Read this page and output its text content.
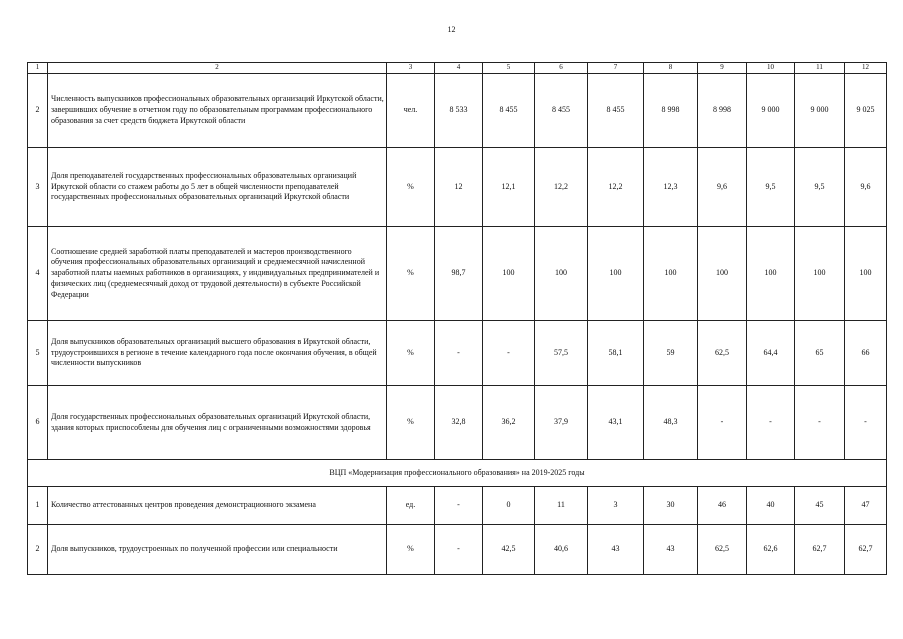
12
1	2	3	4	5	6	7	8	9	10	11	12
2	Численность выпускников профессиональных образовательных организаций Иркутской области, завершивших обучение в отчетном году по образовательным программам профессионального образования за счет средств бюджета Иркутской области	чел.	8 533	8 455	8 455	8 455	8 998	8 998	9 000	9 000	9 025
3	Доля преподавателей государственных профессиональных образовательных организаций Иркутской области со стажем работы до 5 лет в общей численности преподавателей государственных профессиональных образовательных организаций Иркутской области	%	12	12,1	12,2	12,2	12,3	9,6	9,5	9,5	9,6
4	Соотношение средней заработной платы преподавателей и мастеров производственного обучения профессиональных образовательных организаций и среднемесячной начисленной заработной платы наемных работников в организациях, у индивидуальных предпринимателей и физических лиц (среднемесячный доход от трудовой деятельности) в субъекте Российской Федерации	%	98,7	100	100	100	100	100	100	100	100
5	Доля выпускников образовательных организаций высшего образования в Иркутской области, трудоустроившихся в регионе в течение календарного года после окончания обучения, в общей численности выпускников	%	-	-	57,5	58,1	59	62,5	64,4	65	66
6	Доля государственных профессиональных образовательных организаций Иркутской области, здания которых приспособлены для обучения лиц с ограниченными возможностями здоровья	%	32,8	36,2	37,9	43,1	48,3	-	-	-	-
ВЦП «Модернизация профессионального образования» на 2019-2025 годы											
1	Количество аттестованных центров проведения демонстрационного экзамена	ед.	-	0	11	3	30	46	40	45	47
2	Доля выпускников, трудоустроенных по полученной профессии или специальности	%	-	42,5	40,6	43	43	62,5	62,6	62,7	62,7
